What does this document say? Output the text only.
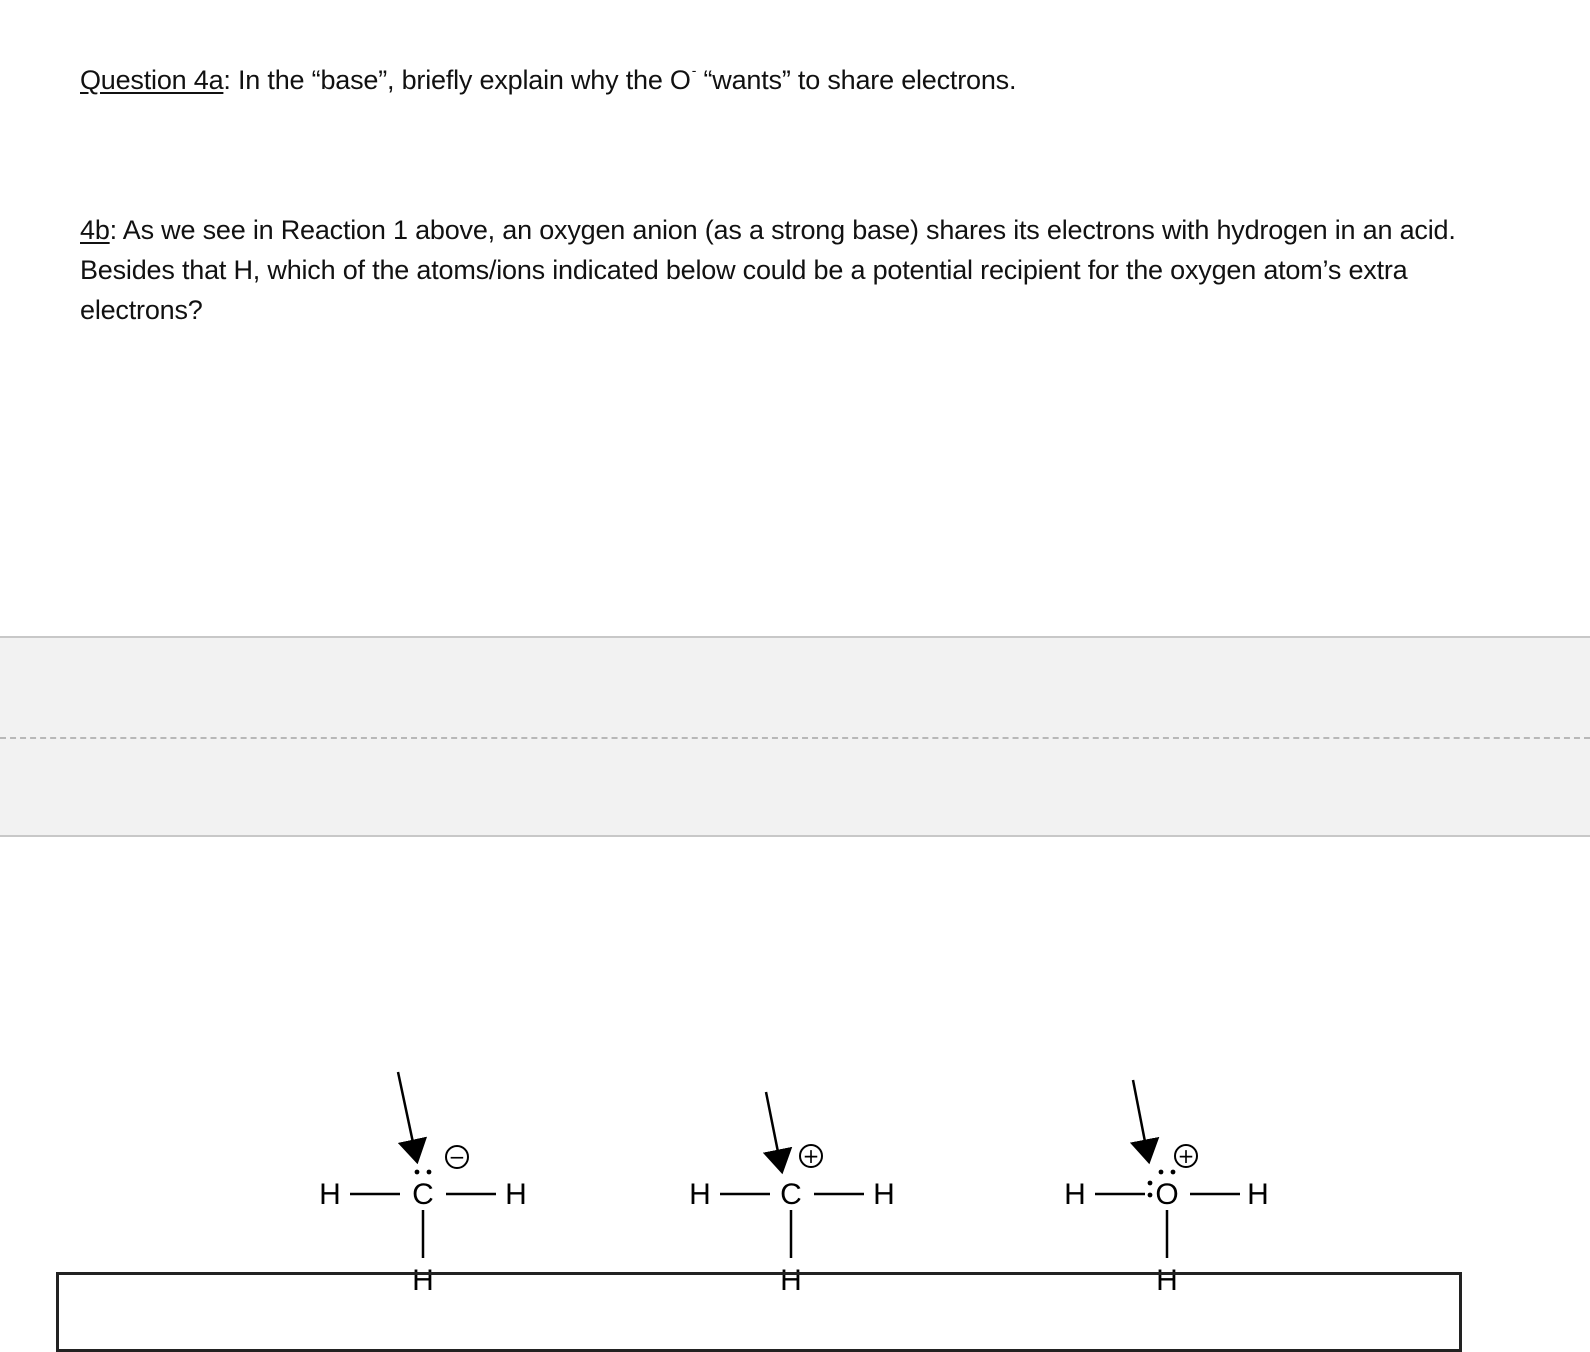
Question 4a: In the “base”, briefly explain why the O- “wants” to share electrons.

4b: As we see in Reaction 1 above, an oxygen anion (as a strong base) shares its electrons with hydrogen in an acid. Besides that H, which of the atoms/ions indicated below could be a potential recipient for the oxygen atom’s extra electrons?

H C H
H
−
H C H
H
+
H O H
H
+
